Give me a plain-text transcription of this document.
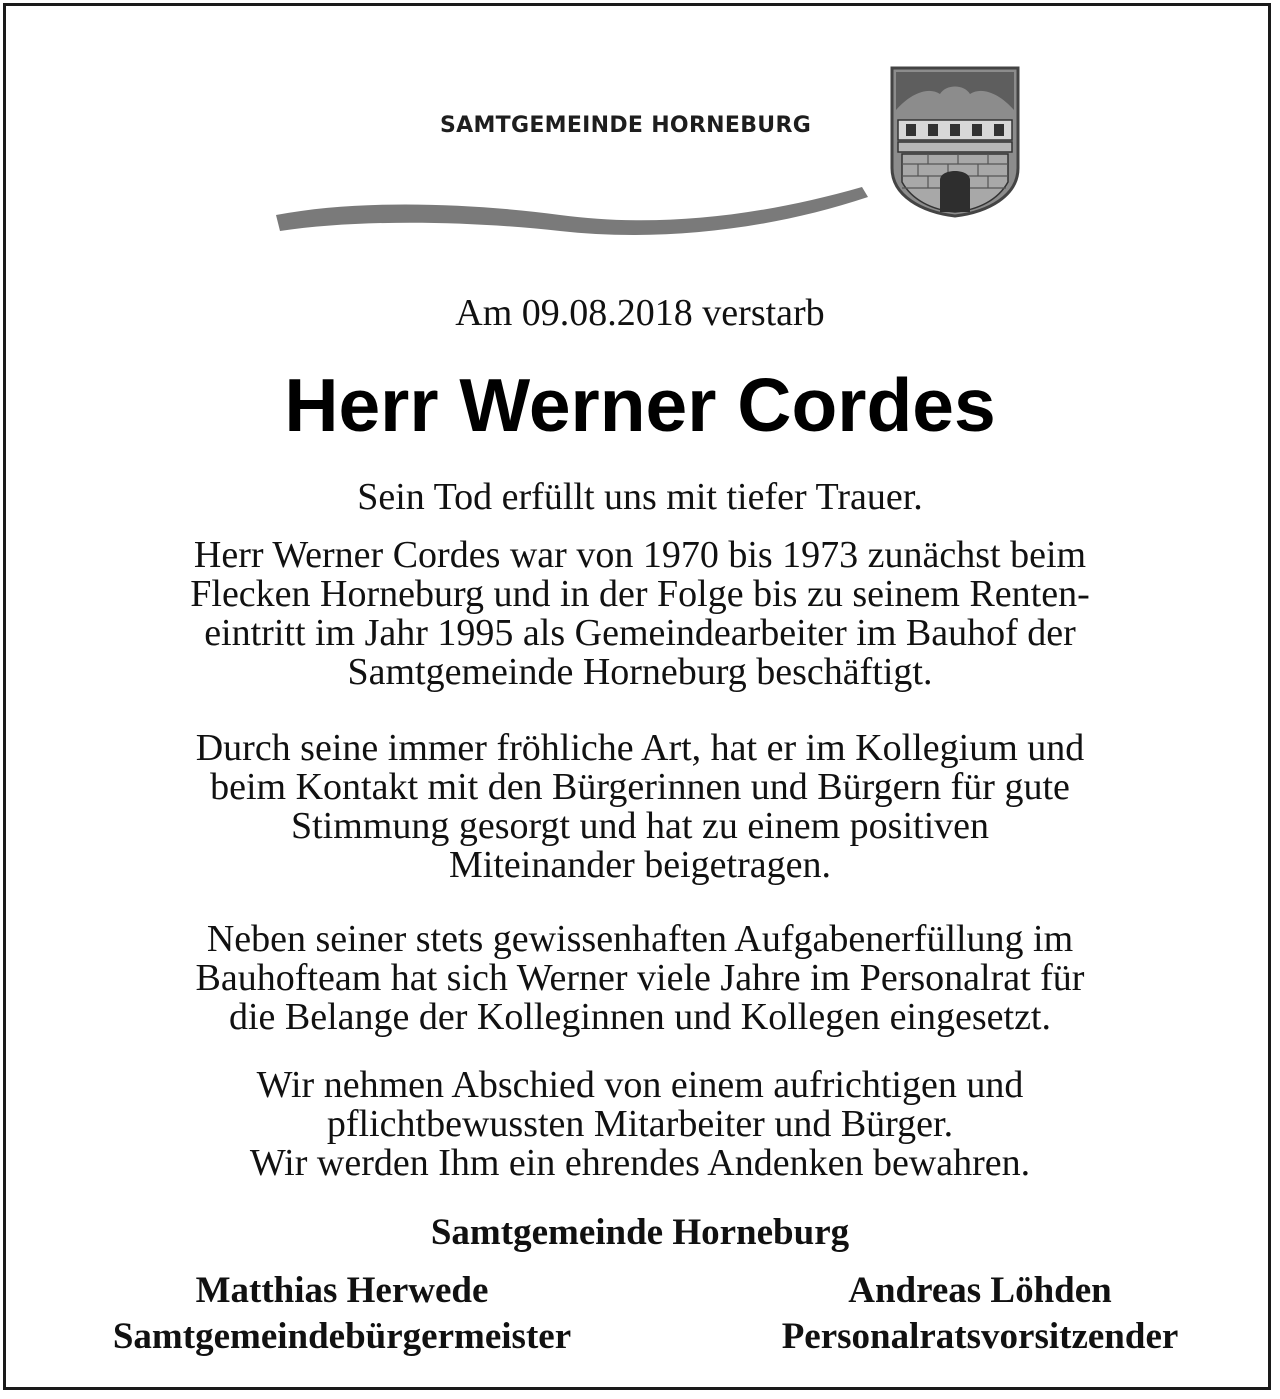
SAMTGEMEINDE HORNEBURG
Am 09.08.2018 verstarb
Herr Werner Cordes
Sein Tod erfüllt uns mit tiefer Trauer.
Herr Werner Cordes war von 1970 bis 1973 zunächst beim
Flecken Horneburg und in der Folge bis zu seinem Renten-
eintritt im Jahr 1995 als Gemeindearbeiter im Bauhof der
Samtgemeinde Horneburg beschäftigt.
Durch seine immer fröhliche Art, hat er im Kollegium und
beim Kontakt mit den Bürgerinnen und Bürgern für gute
Stimmung gesorgt und hat zu einem positiven
Miteinander beigetragen.
Neben seiner stets gewissenhaften Aufgabenerfüllung im
Bauhofteam hat sich Werner viele Jahre im Personalrat für
die Belange der Kolleginnen und Kollegen eingesetzt.
Wir nehmen Abschied von einem aufrichtigen und
pflichtbewussten Mitarbeiter und Bürger.
Wir werden Ihm ein ehrendes Andenken bewahren.
Samtgemeinde Horneburg
Matthias Herwede
Samtgemeindebürgermeister
Andreas Löhden
Personalratsvorsitzender
